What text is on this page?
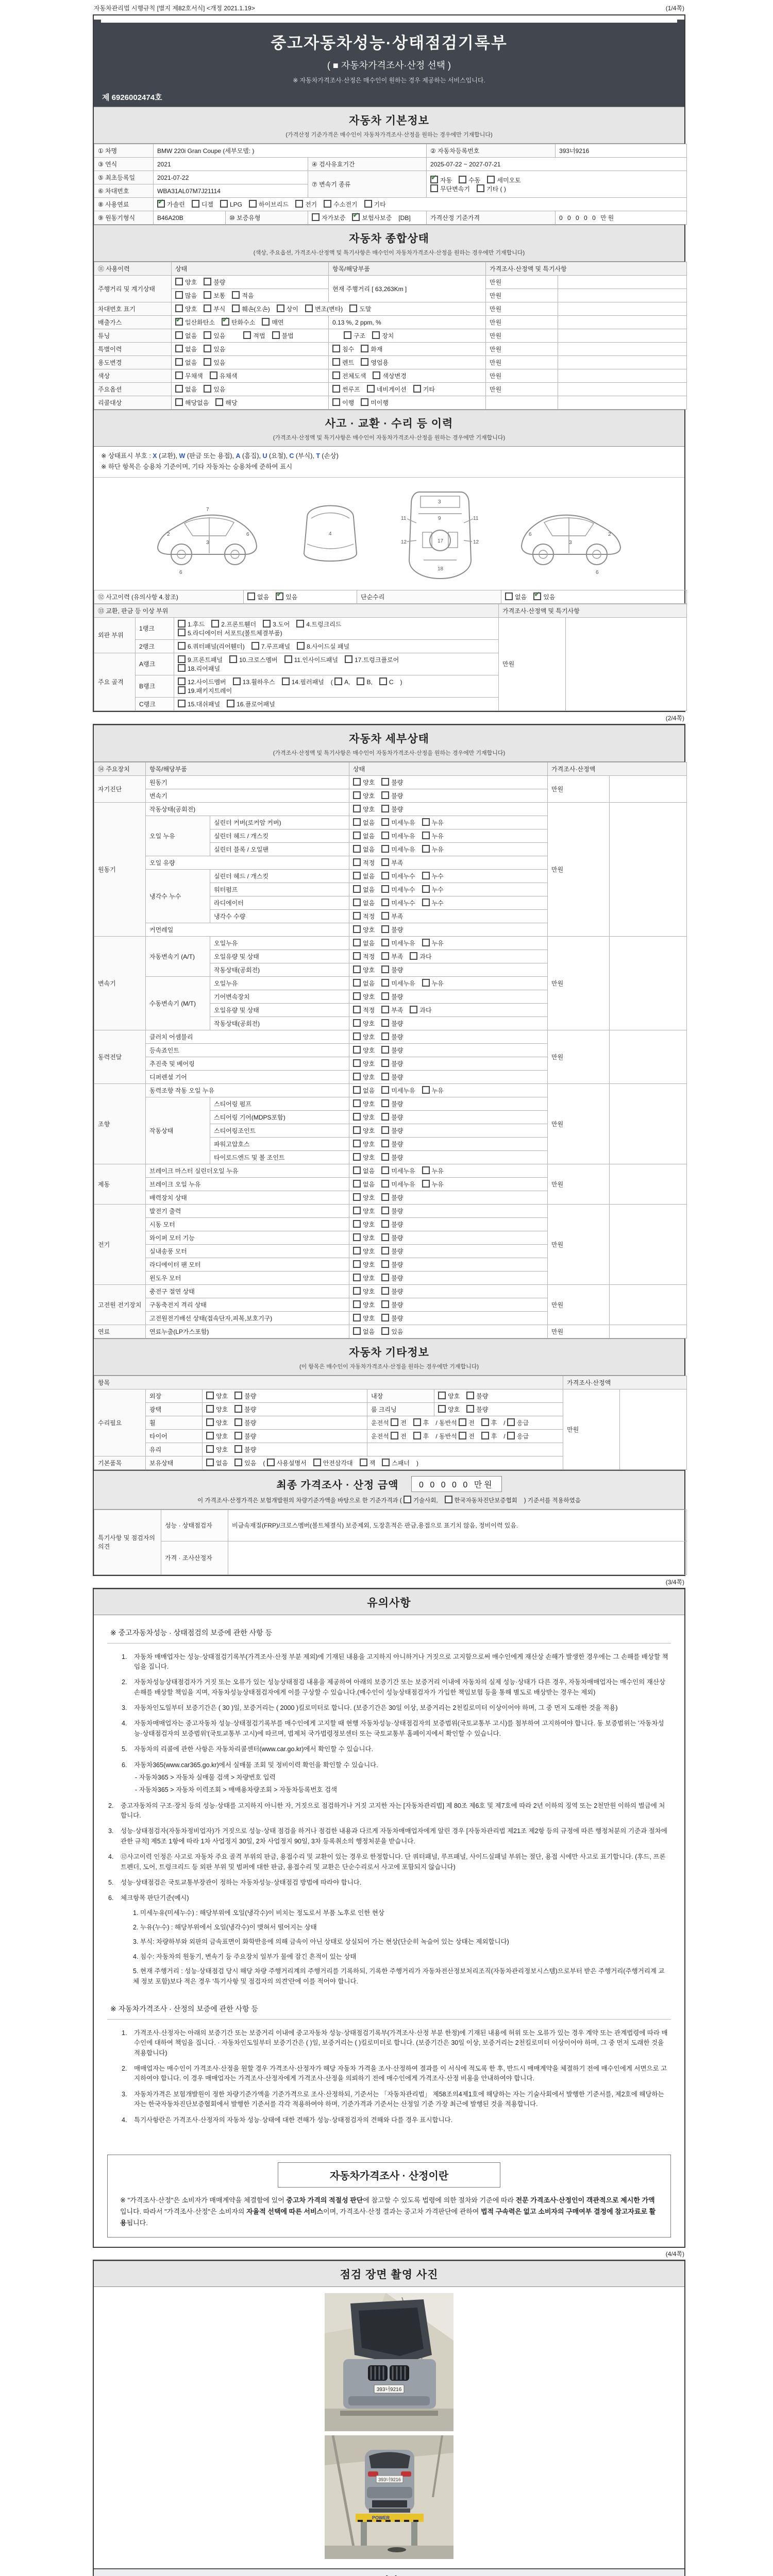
자동차관리법 시행규칙 [별지 제82호서식] <개정 2021.1.19>	(1/4쪽)
중고자동차성능·상태점검기록부
( ■ 자동차가격조사·산정 선택 )
※ 자동차가격조사·산정은 매수인이 원하는 경우 제공하는 서비스입니다.
제 6926002474호
자동차 기본정보
(가격산정 기준가격은 매수인이 자동차가격조사·산정을 원하는 경우에만 기재합니다)
① 차명	BMW 220i Gran Coupe (세부모델: )			② 자동차등록번호	393너9216
③ 연식	2021		④ 검사유효기간	2025-07-22 ~ 2027-07-21	
⑤ 최초등록일	2021-07-22		⑦ 변속기 종류	✔자동 수동 세미오토
무단변속기 기타 ( )
⑥ 차대번호	WBA31AL07M7J21114				
⑧ 사용연료	✔가솔린 디젤 LPG 하이브리드 전기 수소전기 기타
⑨ 원동기형식	B46A20B	⑩ 보증유형	자가보증 ✔ 보험사보증 [DB]	가격산정 기준가격	0 0 0 0 0 만원
자동차 종합상태
(색상, 주요옵션, 가격조사·산정액 및 특기사항은 매수인이 자동차가격조사·산정을 원하는 경우에만 기재합니다)
⑪ 사용이력	상태	항목/해당부품	가격조사·산정액 및 특기사항	
주행거리 및 계기상태	양호 불량	현재 주행거리 [ 63,263Km ]	만원	
	많음 보통 적음		만원	
차대번호 표기	양호 부식 훼손(오손) 상이 변조(변타) 도말		만원	
배출가스	✔일산화탄소 ✔ 탄화수소 매연	0.13 %, 2 ppm, %	만원	
튜닝	없음 있음 적법 불법	구조 장치	만원	
특별이력	없음 있음	침수 화재	만원	
용도변경	없음 있음	렌트 영업용	만원	
색상	무채색 유채색	전체도색 색상변경	만원	
주요옵션	없음 있음	썬루프 네비게이션 기타	만원	
리콜대상	해당없음 해당	이행 미이행		
사고 · 교환 · 수리 등 이력
(가격조사·산정액 및 특기사항은 매수인이 자동차가격조사·산정을 원하는 경우에만 기재합니다)
※ 상태표시 부호 : X (교환), W (판금 또는 용접), A (흠집), U (요철), C (부식), T (손상)
※ 하단 항목은 승용차 기준이며, 기타 자동차는 승용차에 준하여 표시
2
3
6
7
6
4
3
9
11	11
12	12
17
18
2
3
6
6
⑫ 사고이력 (유의사항 4.참조)	없음 ✔	있음	단순수리	없음 ✔	있음
⑬ 교환, 판금 등 이상 부위			가격조사·산정액 및 특기사항	
외판 부위	1랭크	1.후드 2.프론트휀더 3.도어 4.트렁크리드
5.라디에이터 서포트(볼트체결부품)	만원	
	2랭크	6.쿼터패널(리어휀더) 7.루프패널 8.사이드실 패널		
주요 골격	A랭크	9.프론트패널 10.크로스멤버 11.인사이드패널 17.트렁크플로어
18.리어패널		
	B랭크	12.사이드멤버 13.휠하우스 14.필러패널 ( A, B, C )
19.패키지트레이		
	C랭크	15.대쉬패널 16.플로어패널		
(2/4쪽)
자동차 세부상태
(가격조사·산정액 및 특기사항은 매수인이 자동차가격조사·산정을 원하는 경우에만 기재합니다)
⑭ 주요장치	항목/해당부품		상태	가격조사·산정액	
자기진단	원동기		양호 불량	만원	
	변속기		양호 불량		
원동기	작동상태(공회전)		양호 불량	만원	
	오일 누유	실린더 커버(로커암 커버)	없음 미세누유 누유		
		실린더 헤드 / 개스킷	없음 미세누유 누유		
		실린더 블록 / 오일팬	없음 미세누유 누유		
	오일 유량		적정 부족		
	냉각수 누수	실린더 헤드 / 개스킷	없음 미세누수 누수		
		워터펌프	없음 미세누수 누수		
		라디에이터	없음 미세누수 누수		
		냉각수 수량	적정 부족		
	커먼레일		양호 불량		
변속기	자동변속기 (A/T)	오일누유	없음 미세누유 누유	만원	
		오일유량 및 상태	적정 부족 과다		
		작동상태(공회전)	양호 불량		
	수동변속기 (M/T)	오일누유	없음 미세누유 누유		
		기어변속장치	양호 불량		
		오일유량 및 상태	적정 부족 과다		
		작동상태(공회전)	양호 불량		
동력전달	클러치 어셈블리		양호 불량	만원	
	등속죠인트		양호 불량		
	추진축 및 베어링		양호 불량		
	디퍼렌셜 기어		양호 불량		
조향	동력조향 작동 오일 누유		없음 미세누유 누유	만원	
	작동상태	스티어링 펌프	양호 불량		
		스티어링 기어(MDPS포함)	양호 불량		
		스티어링조인트	양호 불량		
		파워고압호스	양호 불량		
		타이로드엔드 및 볼 조인트	양호 불량		
제동	브레이크 마스터 실린더오일 누유		없음 미세누유 누유	만원	
	브레이크 오일 누유		없음 미세누유 누유		
	배력장치 상태		양호 불량		
전기	발전기 출력		양호 불량	만원	
	시동 모터		양호 불량		
	와이퍼 모터 기능		양호 불량		
	실내송풍 모터		양호 불량		
	라디에이터 팬 모터		양호 불량		
	윈도우 모터		양호 불량		
고전원 전기장치	충전구 절연 상태		양호 불량	만원	
	구동축전지 격리 상태		양호 불량		
	고전원전기배선 상태(접속단자,피복,보호기구)		양호 불량		
연료	연료누출(LP가스포함)		없음 있음	만원	
자동차 기타정보
(이 항목은 매수인이 자동차가격조사·산정을 원하는 경우에만 기재합니다)
항목					가격조사·산정액	
수리필요	외장	양호 불량	내장	양호 불량	만원	
	광택	양호 불량	룸 크리닝	양호 불량		
	휠	양호 불량	운전석 전 후 / 동반석 전 후 / 응급			
	타이어	양호 불량	운전석 전 후 / 동반석 전 후 / 응급			
	유리	양호 불량				
기본품목	보유상태	없음 있음 ( 사용설명서 안전삼각대 잭 스패너 )				
최종 가격조사 · 산정 금액 0 0 0 0 0 만원
이 가격조사·산정가격은 보험개발원의 차량기준가액을 바탕으로 한 기준가격과 ( 기술사회,	한국자동차진단보증협회 ) 기준서를 적용하였음
특기사항 및 점검자의 의견	성능 · 상태점검자	비금속재질(FRP)/크로스멤버(볼트체결식) 보증제외, 도장흔적은 판금,용접으로 표기치 않음, 정비이력 있음.
	가격 · 조사산정자	
(3/4쪽)
유의사항
※ 중고자동차성능 · 상태점검의 보증에 관한 사항 등
1.	자동차 매매업자는 성능·상태점검기록부(가격조사·산정 부분 제외)에 기재된 내용을 고지하지 아니하거나 거짓으로 고지함으로써 매수인에게 재산상 손해가 발생한 경우에는 그 손해를 배상할 책임을 집니다.
2.	자동차성능상태점검자가 거짓 또는 오류가 있는 성능상태점검 내용을 제공하여 아래의 보증기간 또는 보증거리 이내에 자동차의 실제 성능·상태가 다른 경우, 자동차매매업자는 매수인의 재산상 손해를 배상할 책임을 지며, 자동차성능상태점검자에게 이를 구상할 수 있습니다.(매수인이 성능상태점검자가 가입한 책임보험 등을 통해 별도로 배상받는 경우는 제외)
3.	자동차인도일부터 보증기간은 ( 30 )일, 보증거리는 ( 2000 )킬로미터로 합니다. (보증기간은 30일 이상, 보증거리는 2천킬로미터 이상이어야 하며, 그 중 먼저 도래한 것을 적용)
4.	자동차매매업자는 중고자동차 성능·상태점검기록부를 매수인에게 고지할 때 현행 자동차성능·상태점검자의 보증범위(국토교통부 고시)를 첨부하여 고지하여야 합니다. 동 보증범위는 '자동차성능·상태점검자의 보증범위'(국토교통부 고시)에 따르며, 법제처 국가법령정보센터 또는 국토교통부 홈페이지에서 확인할 수 있습니다.
5.	자동차의 리콜에 관한 사항은 자동차리콜센터(www.car.go.kr)에서 확인할 수 있습니다.
6.	자동차365(www.car365.go.kr)에서 실매물 조회 및 정비이력 확인을 확인할 수 있습니다.
- 자동차365 > 자동차 실매물 검색 > 차량번호 입력
- 자동차365 > 자동차 이력조회 > 매매용차량조회 > 자동차등록번호 검색
2.	중고자동차의 구조·장치 등의 성능·상태를 고지하지 아니한 자, 거짓으로 점검하거나 거짓 고지한 자는 [자동차관리법] 제 80조 제6호 및 제7호에 따라 2년 이하의 징역 또는 2천만원 이하의 벌금에 처합니다.
3.	성능·상태점검자(자동차정비업자)가 거짓으로 성능·상태 점검을 하거나 점검한 내용과 다르게 자동차매매업자에게 알린 경우 [자동차관리법 제21조 제2항 등의 규정에 따른 행정처분의 기준과 절차에 관한 규칙] 제5조 1항에 따라 1차 사업정지 30일, 2차 사업정지 90일, 3차 등록취소의 행정처분을 받습니다.
4.	⑫사고이력 인정은 사고로 자동차 주요 골격 부위의 판금, 용접수리 및 교환이 있는 경우로 한정합니다. 단 쿼터패널, 루프패널, 사이드실패널 부위는 절단, 용접 시에만 사고로 표기합니다. (후드, 프론트펜더, 도어, 트렁크리드 등 외판 부위 및 범퍼에 대한 판금, 용접수리 및 교환은 단순수리로서 사고에 포함되지 않습니다)
5.	성능·상태점검은 국토교통부장관이 정하는 자동차성능·상태점검 방법에 따라야 합니다.
6.	체크항목 판단기준(예시)
1. 미세누유(미세누수) : 해당부위에 오일(냉각수)이 비치는 정도로서 부품 노후로 인한 현상
2. 누유(누수) : 해당부위에서 오일(냉각수)이 맺혀서 떨어지는 상태
3. 부식: 차량하부와 외판의 금속표면이 화학반응에 의해 금속이 아닌 상태로 상실되어 가는 현상(단순히 녹슬어 있는 상태는 제외합니다)
4. 침수: 자동차의 원동기, 변속기 등 주요장치 일부가 물에 잠긴 흔적이 있는 상태
5. 현재 주행거리 : 성능·상태점검 당시 해당 차량 주행거리계의 주행거리를 기록하되, 기록한 주행거리가 자동차전산정보처리조직(자동차관리정보시스템)으로부터 받은 주행거리(주행거리계 교체 정보 포함)보다 적은 경우 '특기사항 및 점검자의 의견'란에 이를 적어야 합니다.
※ 자동차가격조사 · 산정의 보증에 관한 사항 등
1.	가격조사·산정자는 아래의 보증기간 또는 보증거리 이내에 중고자동차 성능·상태점검기록부(가격조사·산정 부분 한정)에 기재된 내용에 허위 또는 오류가 있는 경우 계약 또는 관계법령에 따라 매수인에 대하여 책임을 집니다. · 자동차인도일부터 보증기간은 ( )일, 보증거리는 ( )킬로미터로 합니다. (보증기간은 30일 이상, 보증거리는 2천킬로미터 이상이어야 하며, 그 중 먼저 도래한 것을 적용합니다)
2.	매매업자는 매수인이 가격조사·산정을 원할 경우 가격조사·산정자가 해당 자동차 가격을 조사·산정하여 결과를 이 서식에 적도록 한 후, 반드시 매매계약을 체결하기 전에 매수인에게 서면으로 고지하여야 합니다. 이 경우 매매업자는 가격조사·산정자에게 가격조사·산정을 의뢰하기 전에 매수인에게 가격조사·산정 비용을 안내하여야 합니다.
3.	자동차가격은 보험개발원이 정한 차량기준가액을 기준가격으로 조사·산정하되, 기준서는 「자동차관리법」 제58조의4제1호에 해당하는 자는 기술사회에서 발행한 기준서를, 제2호에 해당하는 자는 한국자동차진단보증협회에서 발행한 기준서를 각각 적용하여야 하며, 기준가격과 기준서는 산정일 기준 가장 최근에 발행된 것을 적용합니다.
4.	특기사항란은 가격조사·산정자의 자동차 성능·상태에 대한 견해가 성능·상태점검자의 견해와 다를 경우 표시합니다.
자동차가격조사 · 산정이란
※ "가격조사·산정"은 소비자가 매매계약을 체결함에 있어 중고차 가격의 적절성 판단에 참고할 수 있도록 법령에 의한 절차와 기준에 따라 전문 가격조사·산정인이 객관적으로 제시한 가액입니다. 따라서 "가격조사·산정"은 소비자의 자율적 선택에 따른 서비스이며, 가격조사·산정 결과는 중고차 가격판단에 관하여 법적 구속력은 없고 소비자의 구매여부 결정에 참고자료로 활용됩니다.
(4/4쪽)
점검 장면 촬영 사진
393너9216
393너9216
POWER
